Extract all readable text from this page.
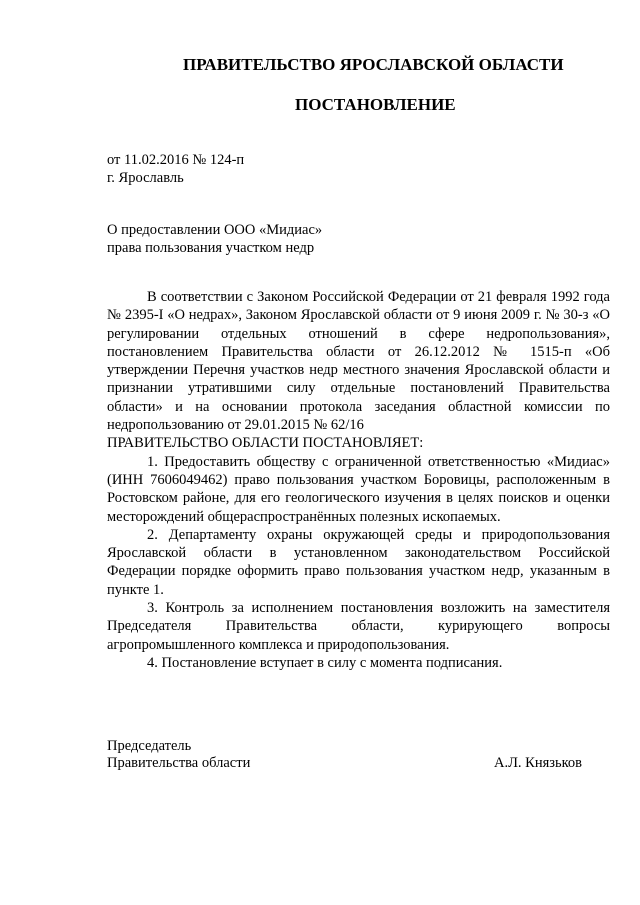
ПРАВИТЕЛЬСТВО ЯРОСЛАВСКОЙ ОБЛАСТИ
ПОСТАНОВЛЕНИЕ
от 11.02.2016 № 124-п
г. Ярославль
О предоставлении ООО «Мидиас»
права пользования участком недр

В соответствии с Законом Российской Федерации от 21 февраля 1992 года № 2395-I «О недрах», Законом Ярославской области от 9 июня 2009 г. № 30-з «О регулировании отдельных отношений в сфере недропользования», постановлением Правительства области от 26.12.2012 № 1515-п «Об утверждении Перечня участков недр местного значения Ярославской области и признании утратившими силу отдельные постановлений Правительства области» и на основании протокола заседания областной комиссии по недропользованию от 29.01.2015 № 62/16

ПРАВИТЕЛЬСТВО ОБЛАСТИ ПОСТАНОВЛЯЕТ:

1. Предоставить обществу с ограниченной ответственностью «Мидиас» (ИНН 7606049462) право пользования участком Боровицы, расположенным в Ростовском районе, для его геологического изучения в целях поисков и оценки месторождений общераспространённых полезных ископаемых.

2. Департаменту охраны окружающей среды и природопользования Ярославской области в установленном законодательством Российской Федерации порядке оформить право пользования участком недр, указанным в пункте 1.

3. Контроль за исполнением постановления возложить на заместителя Председателя Правительства области, курирующего вопросы агропромышленного комплекса и природопользования.

4. Постановление вступает в силу с момента подписания.

Председатель
Правительства области	А.Л. Князьков
